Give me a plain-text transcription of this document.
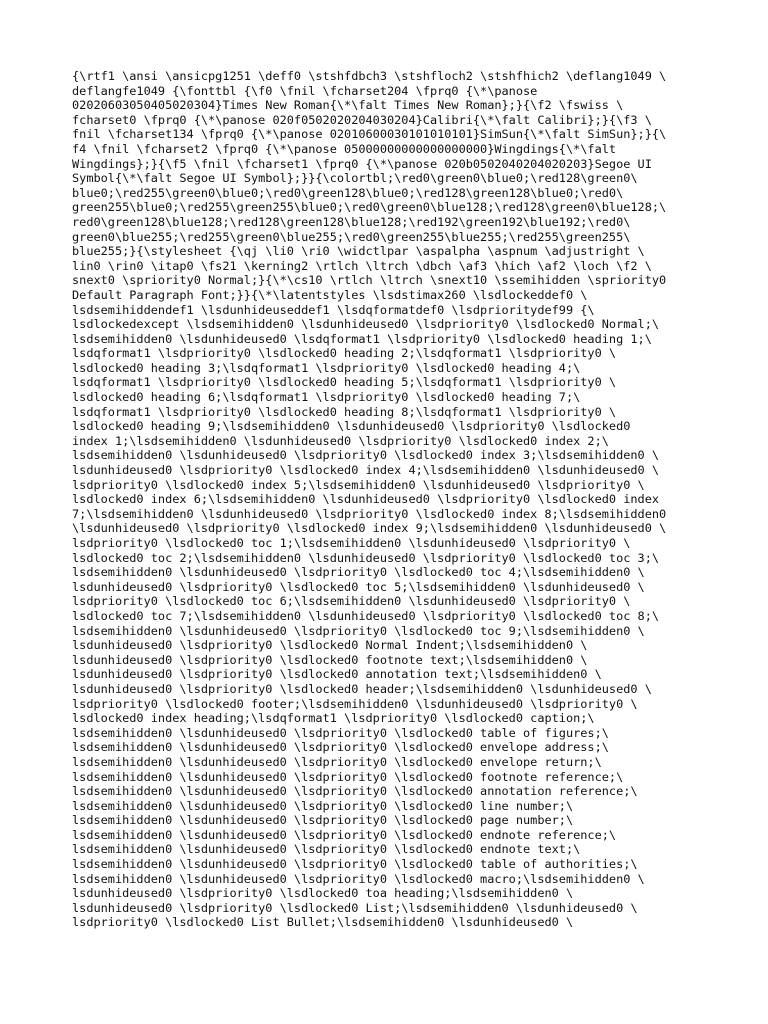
{\rtf1 \ansi \ansicpg1251 \deff0 \stshfdbch3 \stshfloch2 \stshfhich2 \deflang1049 \
deflangfe1049 {\fonttbl {\f0 \fnil \fcharset204 \fprq0 {\*\panose
02020603050405020304}Times New Roman{\*\falt Times New Roman};}{\f2 \fswiss \
fcharset0 \fprq0 {\*\panose 020f0502020204030204}Calibri{\*\falt Calibri};}{\f3 \
fnil \fcharset134 \fprq0 {\*\panose 02010600030101010101}SimSun{\*\falt SimSun};}{\
f4 \fnil \fcharset2 \fprq0 {\*\panose 05000000000000000000}Wingdings{\*\falt
Wingdings};}{\f5 \fnil \fcharset1 \fprq0 {\*\panose 020b0502040204020203}Segoe UI
Symbol{\*\falt Segoe UI Symbol};}}{\colortbl;\red0\green0\blue0;\red128\green0\
blue0;\red255\green0\blue0;\red0\green128\blue0;\red128\green128\blue0;\red0\
green255\blue0;\red255\green255\blue0;\red0\green0\blue128;\red128\green0\blue128;\
red0\green128\blue128;\red128\green128\blue128;\red192\green192\blue192;\red0\
green0\blue255;\red255\green0\blue255;\red0\green255\blue255;\red255\green255\
blue255;}{\stylesheet {\qj \li0 \ri0 \widctlpar \aspalpha \aspnum \adjustright \
lin0 \rin0 \itap0 \fs21 \kerning2 \rtlch \ltrch \dbch \af3 \hich \af2 \loch \f2 \
snext0 \spriority0 Normal;}{\*\cs10 \rtlch \ltrch \snext10 \ssemihidden \spriority0
Default Paragraph Font;}}{\*\latentstyles \lsdstimax260 \lsdlockeddef0 \
lsdsemihiddendef1 \lsdunhideuseddef1 \lsdqformatdef0 \lsdprioritydef99 {\
lsdlockedexcept \lsdsemihidden0 \lsdunhideused0 \lsdpriority0 \lsdlocked0 Normal;\
lsdsemihidden0 \lsdunhideused0 \lsdqformat1 \lsdpriority0 \lsdlocked0 heading 1;\
lsdqformat1 \lsdpriority0 \lsdlocked0 heading 2;\lsdqformat1 \lsdpriority0 \
lsdlocked0 heading 3;\lsdqformat1 \lsdpriority0 \lsdlocked0 heading 4;\
lsdqformat1 \lsdpriority0 \lsdlocked0 heading 5;\lsdqformat1 \lsdpriority0 \
lsdlocked0 heading 6;\lsdqformat1 \lsdpriority0 \lsdlocked0 heading 7;\
lsdqformat1 \lsdpriority0 \lsdlocked0 heading 8;\lsdqformat1 \lsdpriority0 \
lsdlocked0 heading 9;\lsdsemihidden0 \lsdunhideused0 \lsdpriority0 \lsdlocked0
index 1;\lsdsemihidden0 \lsdunhideused0 \lsdpriority0 \lsdlocked0 index 2;\
lsdsemihidden0 \lsdunhideused0 \lsdpriority0 \lsdlocked0 index 3;\lsdsemihidden0 \
lsdunhideused0 \lsdpriority0 \lsdlocked0 index 4;\lsdsemihidden0 \lsdunhideused0 \
lsdpriority0 \lsdlocked0 index 5;\lsdsemihidden0 \lsdunhideused0 \lsdpriority0 \
lsdlocked0 index 6;\lsdsemihidden0 \lsdunhideused0 \lsdpriority0 \lsdlocked0 index
7;\lsdsemihidden0 \lsdunhideused0 \lsdpriority0 \lsdlocked0 index 8;\lsdsemihidden0
\lsdunhideused0 \lsdpriority0 \lsdlocked0 index 9;\lsdsemihidden0 \lsdunhideused0 \
lsdpriority0 \lsdlocked0 toc 1;\lsdsemihidden0 \lsdunhideused0 \lsdpriority0 \
lsdlocked0 toc 2;\lsdsemihidden0 \lsdunhideused0 \lsdpriority0 \lsdlocked0 toc 3;\
lsdsemihidden0 \lsdunhideused0 \lsdpriority0 \lsdlocked0 toc 4;\lsdsemihidden0 \
lsdunhideused0 \lsdpriority0 \lsdlocked0 toc 5;\lsdsemihidden0 \lsdunhideused0 \
lsdpriority0 \lsdlocked0 toc 6;\lsdsemihidden0 \lsdunhideused0 \lsdpriority0 \
lsdlocked0 toc 7;\lsdsemihidden0 \lsdunhideused0 \lsdpriority0 \lsdlocked0 toc 8;\
lsdsemihidden0 \lsdunhideused0 \lsdpriority0 \lsdlocked0 toc 9;\lsdsemihidden0 \
lsdunhideused0 \lsdpriority0 \lsdlocked0 Normal Indent;\lsdsemihidden0 \
lsdunhideused0 \lsdpriority0 \lsdlocked0 footnote text;\lsdsemihidden0 \
lsdunhideused0 \lsdpriority0 \lsdlocked0 annotation text;\lsdsemihidden0 \
lsdunhideused0 \lsdpriority0 \lsdlocked0 header;\lsdsemihidden0 \lsdunhideused0 \
lsdpriority0 \lsdlocked0 footer;\lsdsemihidden0 \lsdunhideused0 \lsdpriority0 \
lsdlocked0 index heading;\lsdqformat1 \lsdpriority0 \lsdlocked0 caption;\
lsdsemihidden0 \lsdunhideused0 \lsdpriority0 \lsdlocked0 table of figures;\
lsdsemihidden0 \lsdunhideused0 \lsdpriority0 \lsdlocked0 envelope address;\
lsdsemihidden0 \lsdunhideused0 \lsdpriority0 \lsdlocked0 envelope return;\
lsdsemihidden0 \lsdunhideused0 \lsdpriority0 \lsdlocked0 footnote reference;\
lsdsemihidden0 \lsdunhideused0 \lsdpriority0 \lsdlocked0 annotation reference;\
lsdsemihidden0 \lsdunhideused0 \lsdpriority0 \lsdlocked0 line number;\
lsdsemihidden0 \lsdunhideused0 \lsdpriority0 \lsdlocked0 page number;\
lsdsemihidden0 \lsdunhideused0 \lsdpriority0 \lsdlocked0 endnote reference;\
lsdsemihidden0 \lsdunhideused0 \lsdpriority0 \lsdlocked0 endnote text;\
lsdsemihidden0 \lsdunhideused0 \lsdpriority0 \lsdlocked0 table of authorities;\
lsdsemihidden0 \lsdunhideused0 \lsdpriority0 \lsdlocked0 macro;\lsdsemihidden0 \
lsdunhideused0 \lsdpriority0 \lsdlocked0 toa heading;\lsdsemihidden0 \
lsdunhideused0 \lsdpriority0 \lsdlocked0 List;\lsdsemihidden0 \lsdunhideused0 \
lsdpriority0 \lsdlocked0 List Bullet;\lsdsemihidden0 \lsdunhideused0 \
